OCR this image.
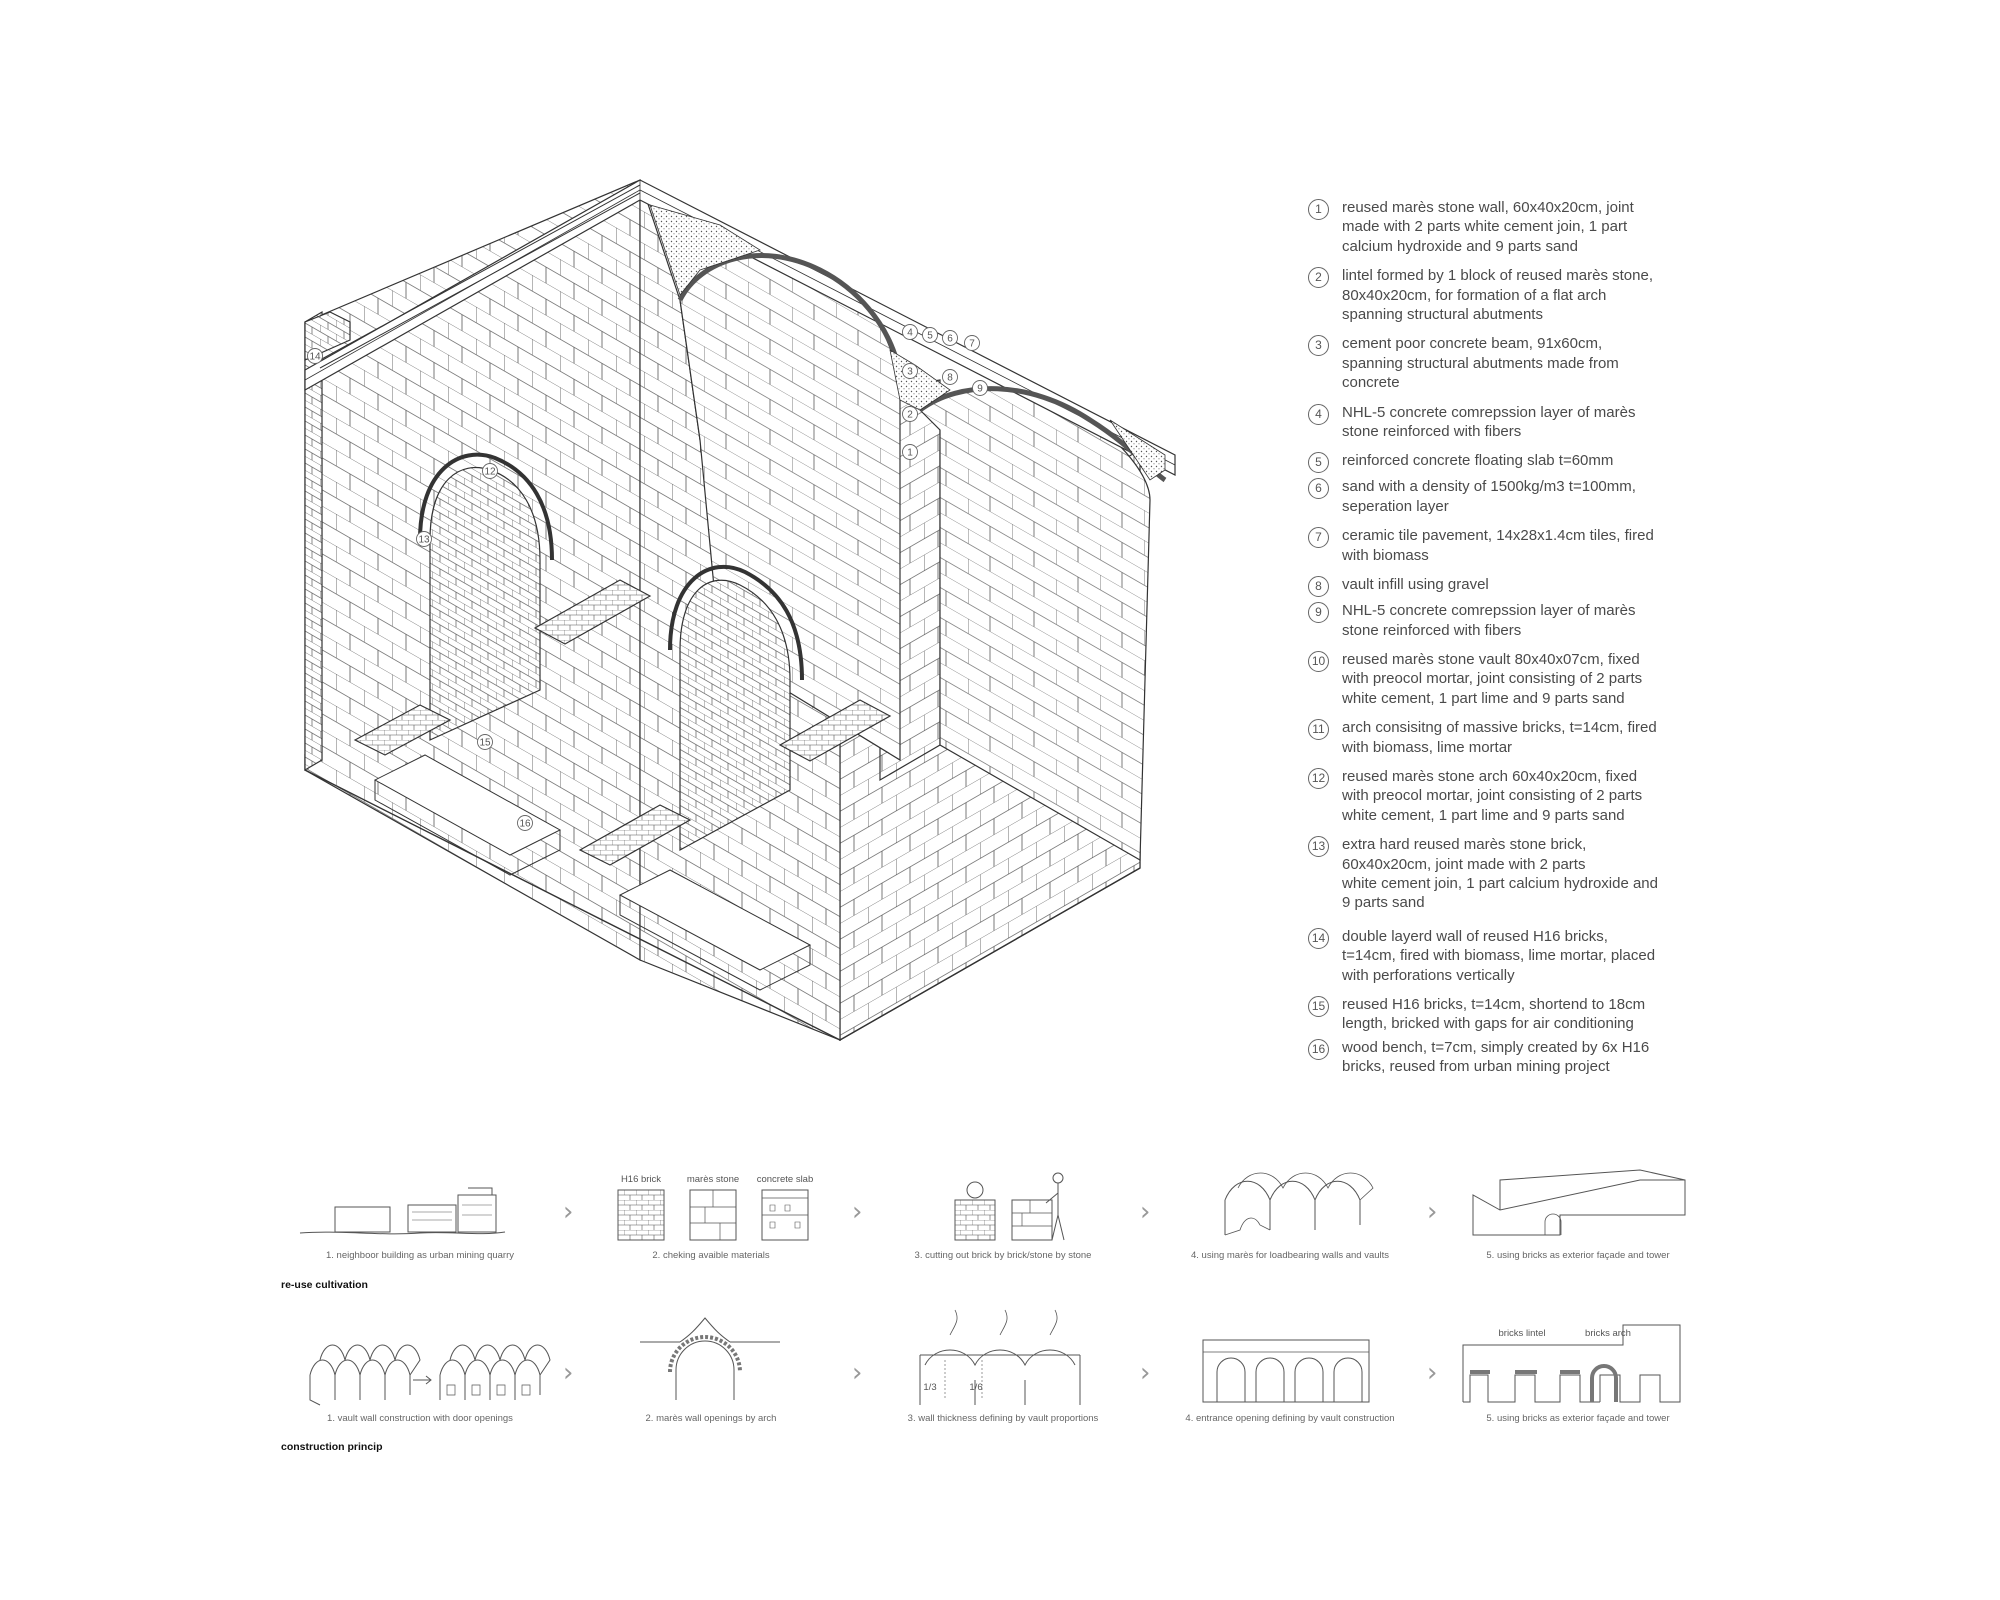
1
2
3
4 5 6 7
8
9
12
13
14
15
16
1	reused marès stone wall, 60x40x20cm, joint
made with 2 parts white cement join, 1 part
calcium hydroxide and 9 parts sand
2	lintel formed by 1 block of reused marès stone,
80x40x20cm, for formation of a flat arch
spanning structural abutments
3	cement poor concrete beam, 91x60cm,
spanning structural abutments made from
concrete
4	NHL-5 concrete comrepssion layer of marès
stone reinforced with fibers
5	reinforced concrete floating slab t=60mm
6	sand with a density of 1500kg/m3 t=100mm,
seperation layer
7	ceramic tile pavement, 14x28x1.4cm tiles, fired
with biomass
8	vault infill using gravel
9	NHL-5 concrete comrepssion layer of marès
stone reinforced with fibers
10 reused marès stone vault 80x40x07cm, fixed
with preocol mortar, joint consisting of 2 parts
white cement, 1 part lime and 9 parts sand
11 arch consisitng of massive bricks, t=14cm, fired
with biomass, lime mortar
12 reused marès stone arch 60x40x20cm, fixed
with preocol mortar, joint consisting of 2 parts
white cement, 1 part lime and 9 parts sand
13 extra hard reused marès stone brick,
60x40x20cm, joint made with 2 parts
white cement join, 1 part calcium hydroxide and
9 parts sand
14 double layerd wall of reused H16 bricks,
t=14cm, fired with biomass, lime mortar, placed
with perforations vertically
15 reused H16 bricks, t=14cm, shortend to 18cm
length, bricked with gaps for air conditioning
16 wood bench, t=7cm, simply created by 6x H16
bricks, reused from urban mining project
1. neighboor building as urban mining quarry	2. cheking avaible materials	3. cutting out brick by brick/stone by stone	4. using marès for loadbearing walls and vaults	5. using bricks as exterior façade and tower
re-use cultivation
H16 brick	marès stone concrete slab
›	›	›	›
1. vault wall construction with door openings	2. marès wall openings by arch	3. wall thickness defining by vault proportions	4. entrance opening defining by vault construction	5. using bricks as exterior façade and tower
construction princip
1/3	1/6
bricks lintel	bricks arch
›	›	›	›
